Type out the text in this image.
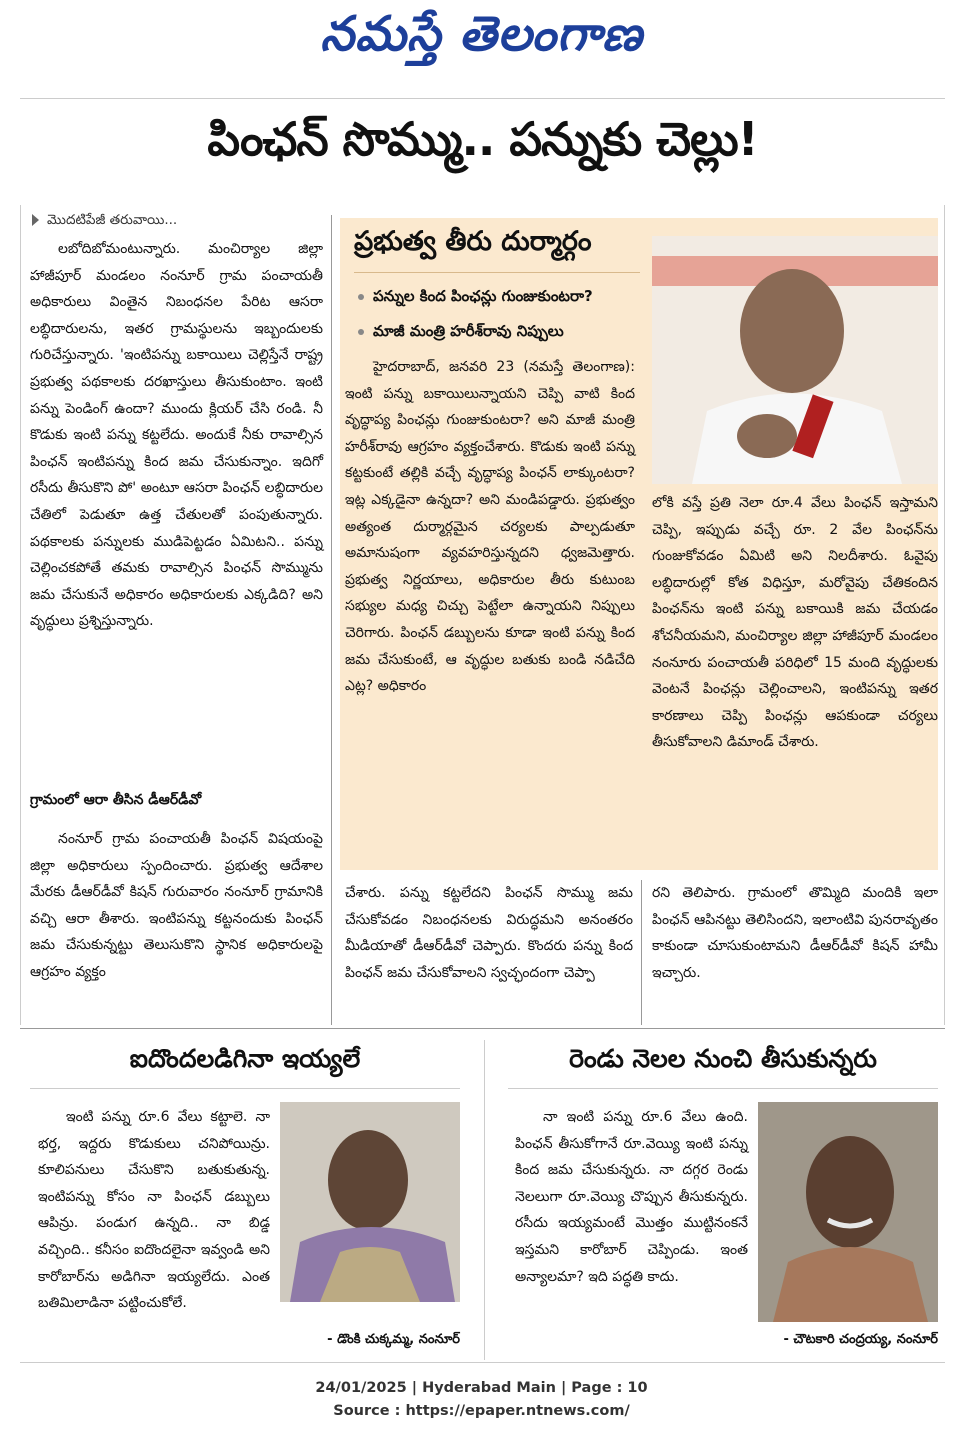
నమస్తే తెలంగాణ
పింఛన్ సొమ్ము.. పన్నుకు చెల్లు!
మొదటిపేజీ తరువాయి...

లబోదిబోమంటున్నారు. మంచిర్యాల జిల్లా హాజీపూర్ మండలం నంనూర్ గ్రామ పంచాయతీ అధికారులు వింతైన నిబంధనల పేరిట ఆసరా లబ్ధిదారులను, ఇతర గ్రామస్థులను ఇబ్బందులకు గురిచేస్తున్నారు. 'ఇంటిపన్ను బకాయిలు చెల్లిస్తేనే రాష్ట్ర ప్రభుత్వ పథకాలకు దరఖాస్తులు తీసుకుంటాం. ఇంటి పన్ను పెండింగ్ ఉందా? ముందు క్లియర్ చేసి రండి. నీ కొడుకు ఇంటి పన్ను కట్టలేదు. అందుకే నీకు రావాల్సిన పింఛన్ ఇంటిపన్ను కింద జమ చేసుకున్నాం. ఇదిగో రసీదు తీసుకొని పో' అంటూ ఆసరా పింఛన్ లబ్ధిదారుల చేతిలో పెడుతూ ఉత్త చేతులతో పంపుతున్నారు. పథకాలకు పన్నులకు ముడిపెట్టడం ఏమిటని.. పన్ను చెల్లించకపోతే తమకు రావాల్సిన పింఛన్ సొమ్మును జమ చేసుకునే అధికారం అధికారులకు ఎక్కడిది? అని వృద్ధులు ప్రశ్నిస్తున్నారు.

గ్రామంలో ఆరా తీసిన డీఆర్‌డీవో

నంనూర్ గ్రామ పంచాయతీ పింఛన్ విషయంపై జిల్లా అధికారులు స్పందించారు. ప్రభుత్వ ఆదేశాల మేరకు డీఆర్‌డీవో కిషన్ గురువారం నంనూర్ గ్రామానికి వచ్చి ఆరా తీశారు. ఇంటిపన్ను కట్టనందుకు పింఛన్ జమ చేసుకున్నట్టు తెలుసుకొని స్థానిక అధికారులపై ఆగ్రహం వ్యక్తం

ప్రభుత్వ తీరు దుర్మార్గం
పన్నుల కింద పింఛన్లు గుంజుకుంటరా?
మాజీ మంత్రి హరీశ్‌రావు నిప్పులు

హైదరాబాద్, జనవరి 23 (నమస్తే తెలంగాణ): ఇంటి పన్ను బకాయిలున్నాయని చెప్పి వాటి కింద వృద్ధాప్య పింఛన్లు గుంజుకుంటరా? అని మాజీ మంత్రి హరీశ్‌రావు ఆగ్రహం వ్యక్తంచేశారు. కొడుకు ఇంటి పన్ను కట్టకుంటే తల్లికి వచ్చే వృద్ధాప్య పింఛన్ లాక్కుంటరా? ఇట్ల ఎక్కడైనా ఉన్నదా? అని మండిపడ్డారు. ప్రభుత్వం అత్యంత దుర్మార్గమైన చర్యలకు పాల్పడుతూ అమానుషంగా వ్యవహరిస్తున్నదని ధ్వజమెత్తారు. ప్రభుత్వ నిర్ణయాలు, అధికారుల తీరు కుటుంబ సభ్యుల మధ్య చిచ్చు పెట్టేలా ఉన్నాయని నిప్పులు చెరిగారు. పింఛన్ డబ్బులను కూడా ఇంటి పన్ను కింద జమ చేసుకుంటే, ఆ వృద్ధుల బతుకు బండి నడిచేది ఎట్ల? అధికారం

లోకి వస్తే ప్రతి నెలా రూ.4 వేలు పింఛన్ ఇస్తామని చెప్పి, ఇప్పుడు వచ్చే రూ. 2 వేల పింఛన్‌ను గుంజుకోవడం ఏమిటి అని నిలదీశారు. ఓవైపు లబ్ధిదారుల్లో కోత విధిస్తూ, మరోవైపు చేతికందిన పింఛన్‌ను ఇంటి పన్ను బకాయికి జమ చేయడం శోచనీయమని, మంచిర్యాల జిల్లా హాజీపూర్ మండలం నంనూరు పంచాయతీ పరిధిలో 15 మంది వృద్ధులకు వెంటనే పింఛన్లు చెల్లించాలని, ఇంటిపన్ను ఇతర కారణాలు చెప్పి పింఛన్లు ఆపకుండా చర్యలు తీసుకోవాలని డిమాండ్ చేశారు.

చేశారు. పన్ను కట్టలేదని పింఛన్ సొమ్ము జమ చేసుకోవడం నిబంధనలకు విరుద్ధమని అనంతరం మీడియాతో డీఆర్‌డీవో చెప్పారు. కొందరు పన్ను కింద పింఛన్ జమ చేసుకోవాలని స్వచ్ఛందంగా చెప్పా

రని తెలిపారు. గ్రామంలో తొమ్మిది మందికి ఇలా పింఛన్ ఆపినట్టు తెలిసిందని, ఇలాంటివి పునరావృతం కాకుండా చూసుకుంటామని డీఆర్‌డీవో కిషన్ హామీ ఇచ్చారు.

ఐదొందలడిగినా ఇయ్యలే

ఇంటి పన్ను రూ.6 వేలు కట్టాలె. నా భర్త, ఇద్దరు కొడుకులు చనిపోయిన్రు. కూలిపనులు చేసుకొని బతుకుతున్న. ఇంటిపన్ను కోసం నా పింఛన్ డబ్బులు ఆపిన్రు. పండుగ ఉన్నది.. నా బిడ్డ వచ్చింది.. కనీసం ఐదొందలైనా ఇవ్వండి అని కారోబార్‌ను అడిగినా ఇయ్యలేదు. ఎంత బతిమిలాడినా పట్టించుకోలే.

- డొంకి చుక్కమ్మ, నంనూర్
రెండు నెలల నుంచి తీసుకున్నరు

నా ఇంటి పన్ను రూ.6 వేలు ఉంది. పింఛన్ తీసుకోగానే రూ.వెయ్యి ఇంటి పన్ను కింద జమ చేసుకున్నరు. నా దగ్గర రెండు నెలలుగా రూ.వెయ్యి చొప్పున తీసుకున్నరు. రసీదు ఇయ్యమంటే మొత్తం ముట్టినంకనే ఇస్తమని కారోబార్ చెప్పిండు. ఇంత అన్యాలమా? ఇది పద్ధతి కాదు.

- చౌటకారి చంద్రయ్య, నంనూర్
24/01/2025 | Hyderabad Main | Page : 10
Source : https://epaper.ntnews.com/
